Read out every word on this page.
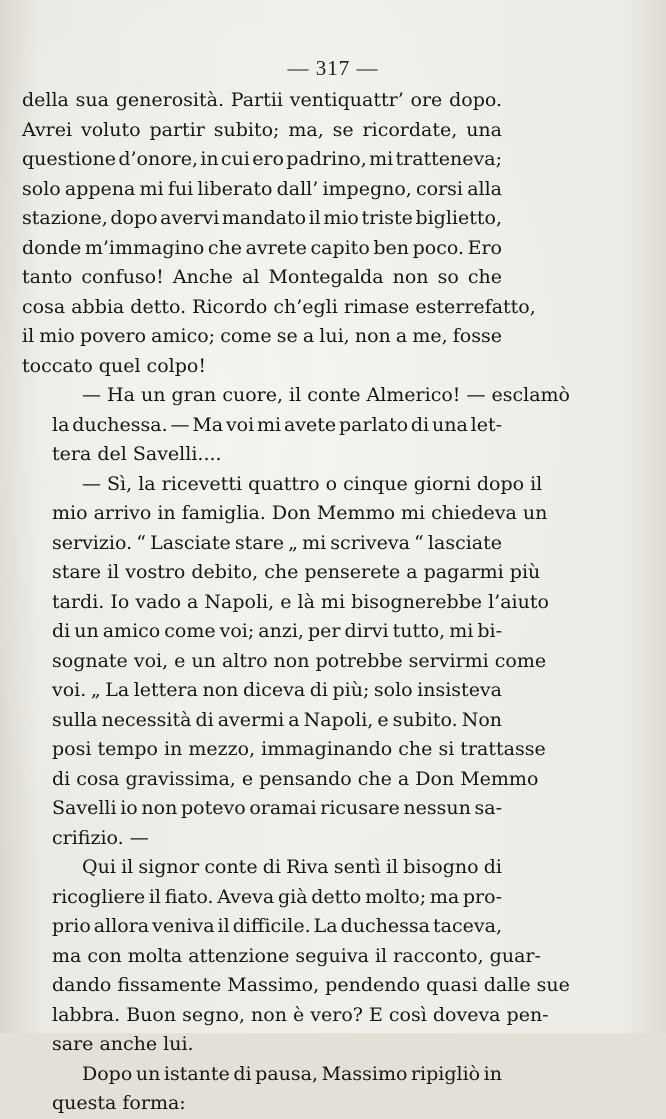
— 317 —

della sua generosità. Partii ventiquattr’ ore dopo.
Avrei voluto partir subito; ma, se ricordate, una
questione d’onore, in cui ero padrino, mi tratteneva;
solo appena mi fui liberato dall’ impegno, corsi alla
stazione, dopo avervi mandato il mio triste biglietto,
donde m’immagino che avrete capito ben poco. Ero
tanto confuso! Anche al Montegalda non so che
cosa abbia detto. Ricordo ch’egli rimase esterrefatto,
il mio povero amico; come se a lui, non a me, fosse
toccato quel colpo!

— Ha un gran cuore, il conte Almerico! — esclamò
la duchessa. — Ma voi mi avete parlato di una let-
tera del Savelli....

— Sì, la ricevetti quattro o cinque giorni dopo il
mio arrivo in famiglia. Don Memmo mi chiedeva un
servizio. “ Lasciate stare „ mi scriveva “ lasciate
stare il vostro debito, che penserete a pagarmi più
tardi. Io vado a Napoli, e là mi bisognerebbe l’aiuto
di un amico come voi; anzi, per dirvi tutto, mi bi-
sognate voi, e un altro non potrebbe servirmi come
voi. „ La lettera non diceva di più; solo insisteva
sulla necessità di avermi a Napoli, e subito. Non
posi tempo in mezzo, immaginando che si trattasse
di cosa gravissima, e pensando che a Don Memmo
Savelli io non potevo oramai ricusare nessun sa-
crifizio. —

Qui il signor conte di Riva sentì il bisogno di
ricogliere il fiato. Aveva già detto molto; ma pro-
prio allora veniva il difficile. La duchessa taceva,
ma con molta attenzione seguiva il racconto, guar-
dando fissamente Massimo, pendendo quasi dalle sue
labbra. Buon segno, non è vero? E così doveva pen-
sare anche lui.

Dopo un istante di pausa, Massimo ripigliò in
questa forma:
